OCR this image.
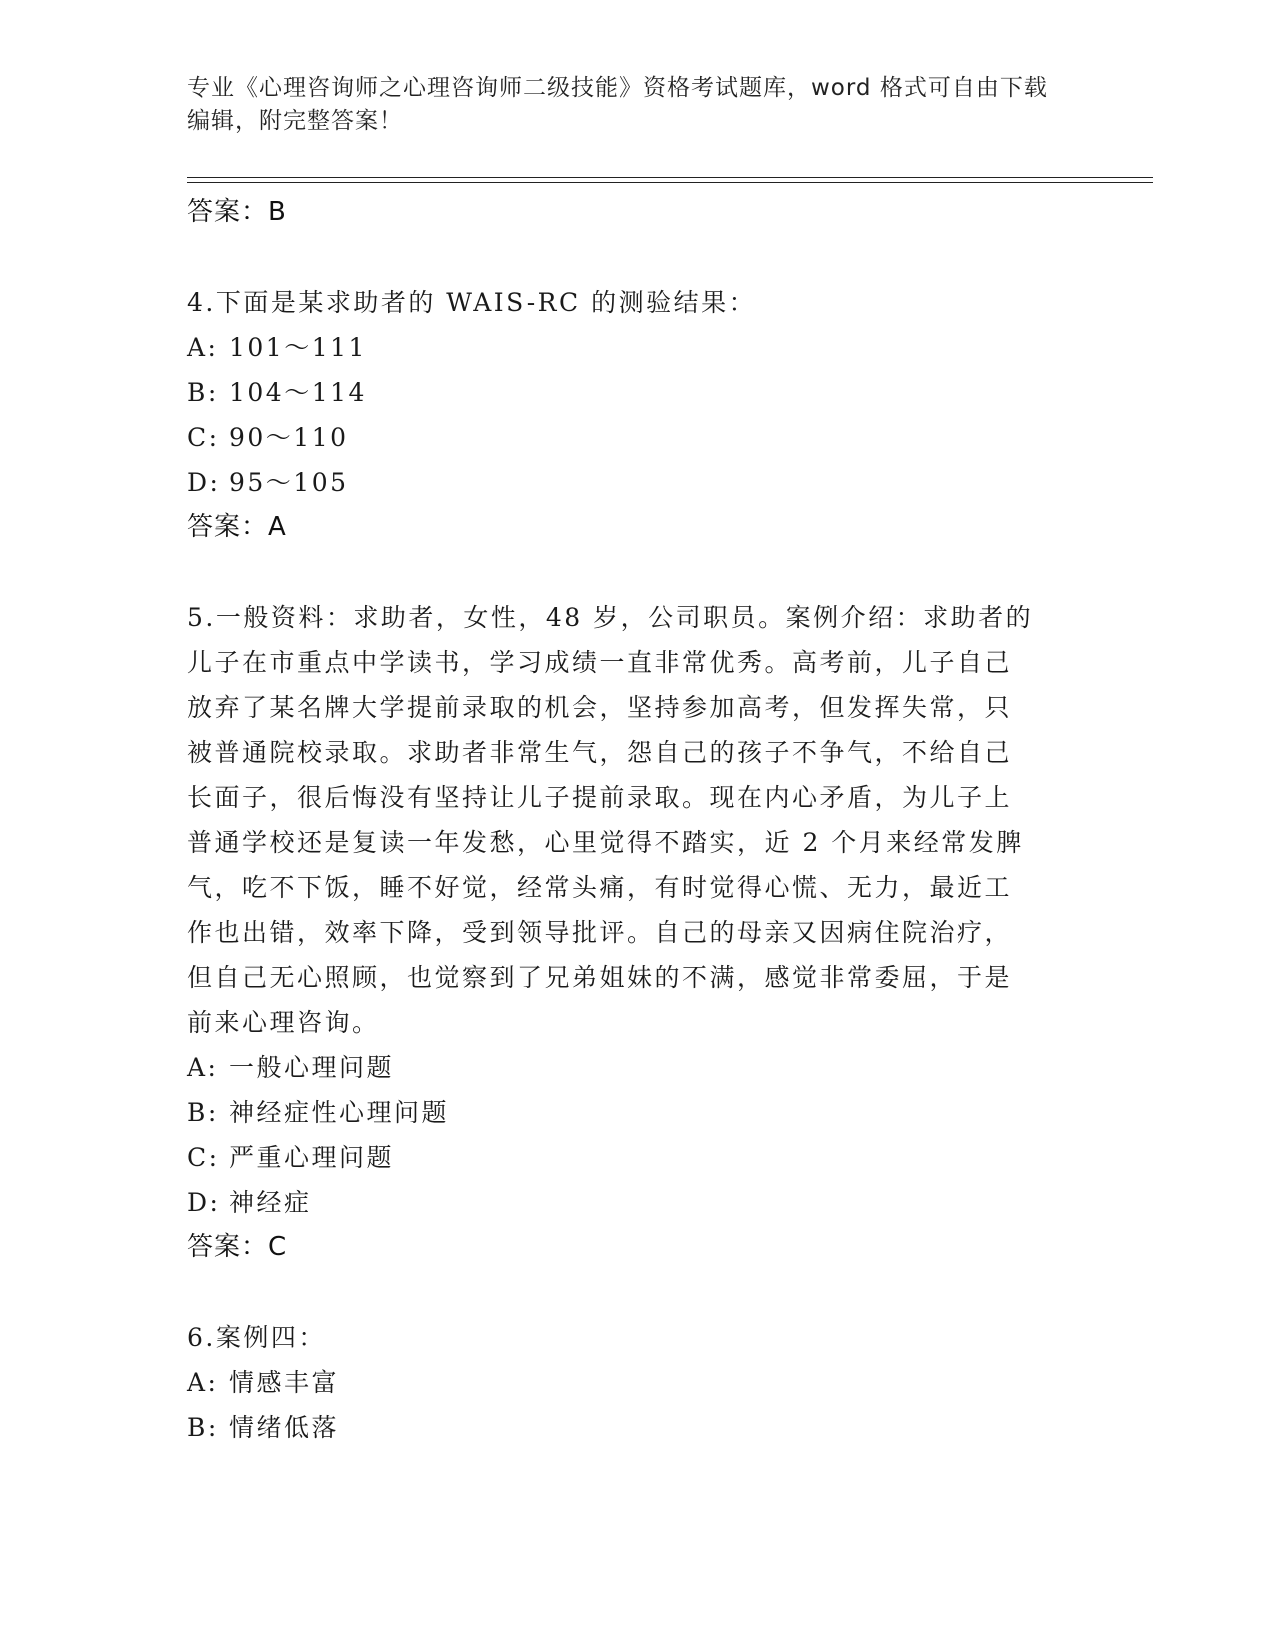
专业《心理咨询师之心理咨询师二级技能》资格考试题库，word 格式可自由下载
编辑，附完整答案！
答案：B
4.下面是某求助者的 WAIS-RC 的测验结果：
A: 101～111
B: 104～114
C: 90～110
D: 95～105
答案：A
5.一般资料：求助者，女性，48 岁，公司职员。案例介绍：求助者的
儿子在市重点中学读书，学习成绩一直非常优秀。高考前，儿子自己
放弃了某名牌大学提前录取的机会，坚持参加高考，但发挥失常，只
被普通院校录取。求助者非常生气，怨自己的孩子不争气，不给自己
长面子，很后悔没有坚持让儿子提前录取。现在内心矛盾，为儿子上
普通学校还是复读一年发愁，心里觉得不踏实，近 2 个月来经常发脾
气，吃不下饭，睡不好觉，经常头痛，有时觉得心慌、无力，最近工
作也出错，效率下降，受到领导批评。自己的母亲又因病住院治疗，
但自己无心照顾，也觉察到了兄弟姐妹的不满，感觉非常委屈，于是
前来心理咨询。
A: 一般心理问题
B: 神经症性心理问题
C: 严重心理问题
D: 神经症
答案：C
6.案例四：
A: 情感丰富
B: 情绪低落
